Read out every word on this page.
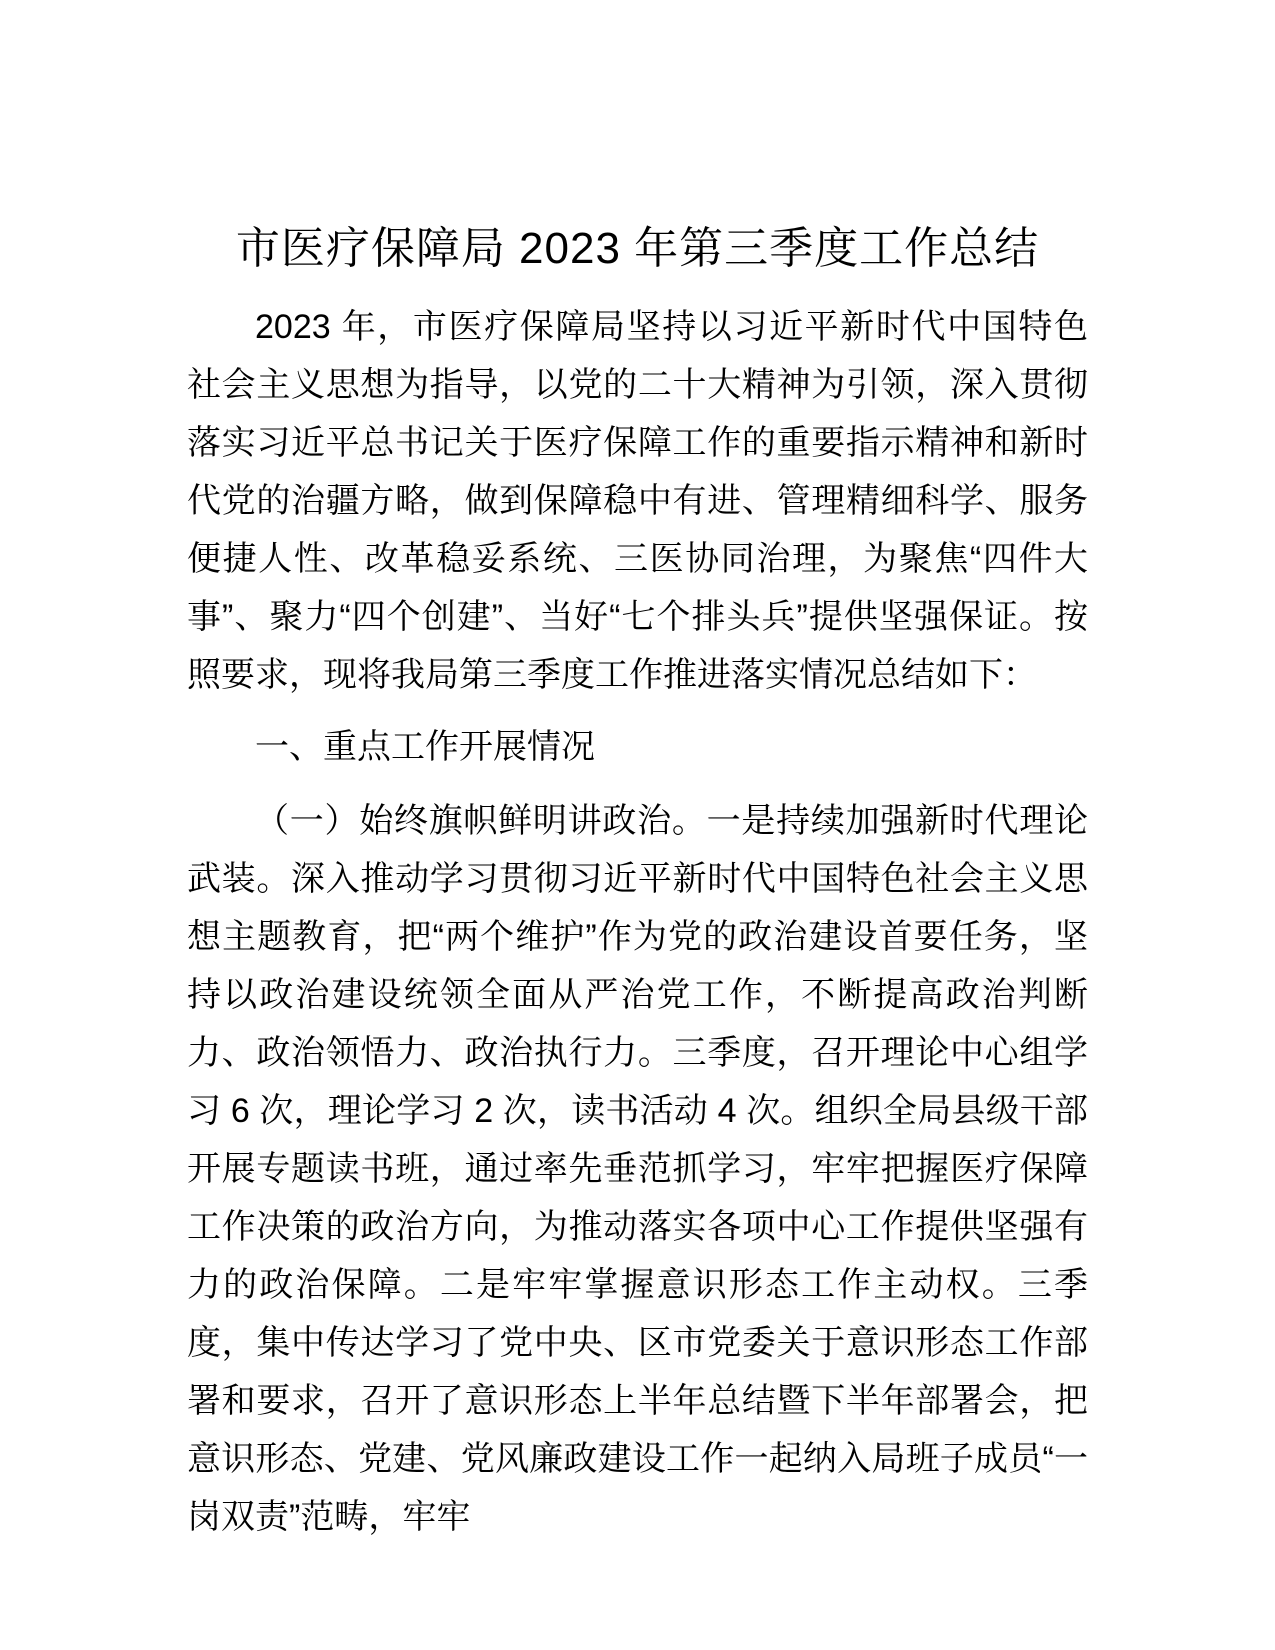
市医疗保障局 2023 年第三季度工作总结

2023 年，市医疗保障局坚持以习近平新时代中国特色社会主义思想为指导，以党的二十大精神为引领，深入贯彻落实习近平总书记关于医疗保障工作的重要指示精神和新时代党的治疆方略，做到保障稳中有进、管理精细科学、服务便捷人性、改革稳妥系统、三医协同治理，为聚焦“四件大事”、聚力“四个创建”、当好“七个排头兵”提供坚强保证。按照要求，现将我局第三季度工作推进落实情况总结如下：

一、重点工作开展情况

（一）始终旗帜鲜明讲政治。一是持续加强新时代理论武装。深入推动学习贯彻习近平新时代中国特色社会主义思想主题教育，把“两个维护”作为党的政治建设首要任务，坚持以政治建设统领全面从严治党工作，不断提高政治判断力、政治领悟力、政治执行力。三季度，召开理论中心组学习 6 次，理论学习 2 次，读书活动 4 次。组织全局县级干部开展专题读书班，通过率先垂范抓学习，牢牢把握医疗保障工作决策的政治方向，为推动落实各项中心工作提供坚强有力的政治保障。二是牢牢掌握意识形态工作主动权。三季度，集中传达学习了党中央、区市党委关于意识形态工作部署和要求，召开了意识形态上半年总结暨下半年部署会，把意识形态、党建、党风廉政建设工作一起纳入局班子成员“一岗双责”范畴，牢牢
